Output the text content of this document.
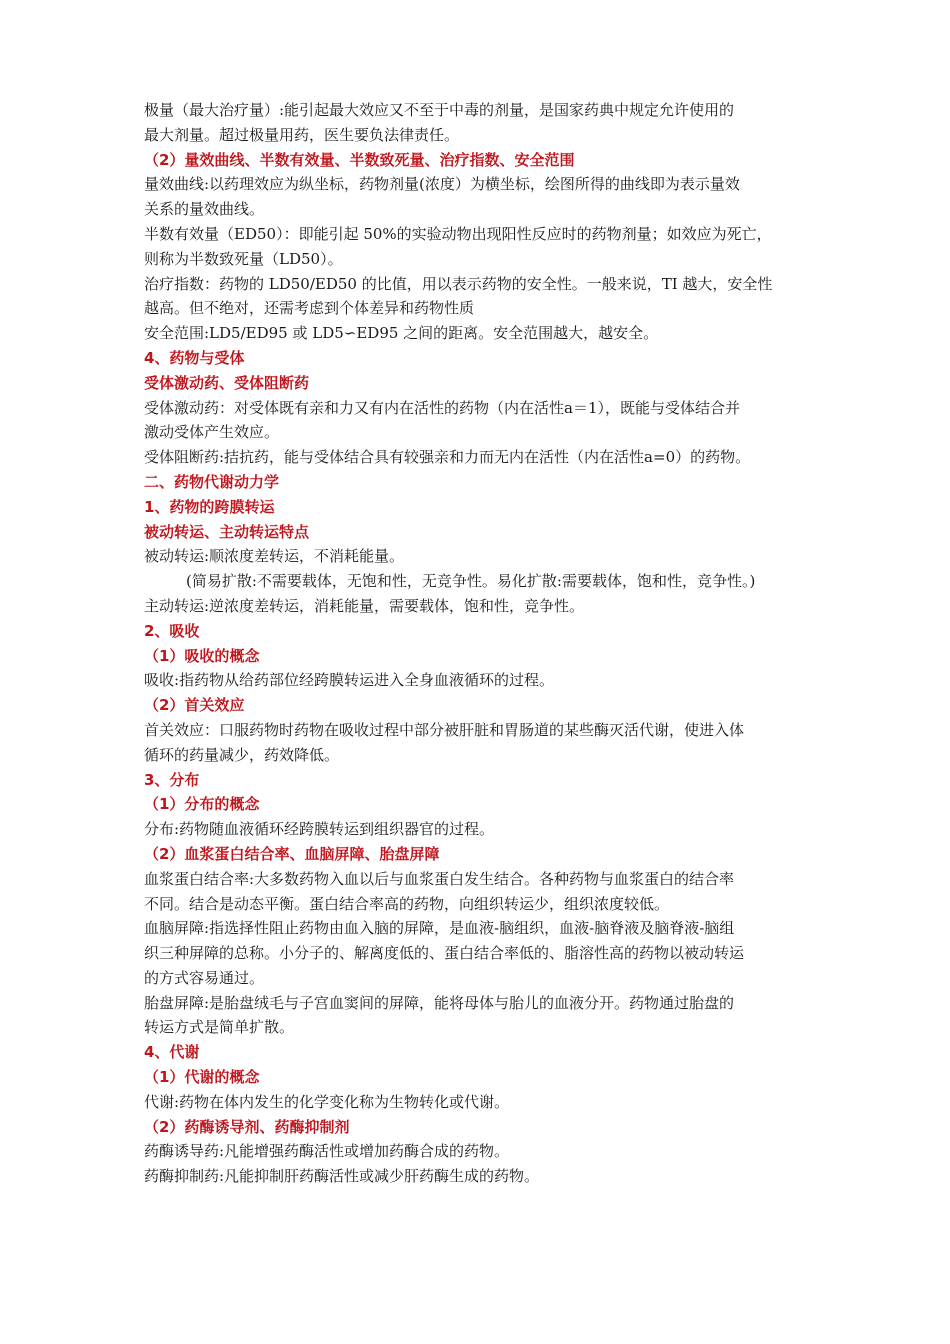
极量（最大治疗量）:能引起最大效应又不至于中毒的剂量，是国家药典中规定允许使用的
最大剂量。超过极量用药，医生要负法律责任。
（2）量效曲线、半数有效量、半数致死量、治疗指数、安全范围
量效曲线:以药理效应为纵坐标，药物剂量(浓度）为横坐标，绘图所得的曲线即为表示量效
关系的量效曲线。
半数有效量（ED50）：即能引起 50%的实验动物出现阳性反应时的药物剂量；如效应为死亡，
则称为半数致死量（LD50）。
治疗指数：药物的 LD50/ED50 的比值，用以表示药物的安全性。一般来说，TI 越大，安全性
越高。但不绝对，还需考虑到个体差异和药物性质
安全范围:LD5/ED95 或 LD5∽ED95 之间的距离。安全范围越大，越安全。
4、药物与受体
受体激动药、受体阻断药
受体激动药：对受体既有亲和力又有内在活性的药物（内在活性a＝1），既能与受体结合并
激动受体产生效应。
受体阻断药:拮抗药，能与受体结合具有较强亲和力而无内在活性（内在活性a=0）的药物。
二、药物代谢动力学
1、药物的跨膜转运
被动转运、主动转运特点
被动转运:顺浓度差转运，不消耗能量。
(简易扩散:不需要载体，无饱和性，无竞争性。易化扩散:需要载体，饱和性，竞争性。)
主动转运:逆浓度差转运，消耗能量，需要载体，饱和性，竞争性。
2、吸收
（1）吸收的概念
吸收:指药物从给药部位经跨膜转运进入全身血液循环的过程。
（2）首关效应
首关效应：口服药物时药物在吸收过程中部分被肝脏和胃肠道的某些酶灭活代谢，使进入体
循环的药量减少，药效降低。
3、分布
（1）分布的概念
分布:药物随血液循环经跨膜转运到组织器官的过程。
（2）血浆蛋白结合率、血脑屏障、胎盘屏障
血浆蛋白结合率:大多数药物入血以后与血浆蛋白发生结合。各种药物与血浆蛋白的结合率
不同。结合是动态平衡。蛋白结合率高的药物，向组织转运少，组织浓度较低。
血脑屏障:指选择性阻止药物由血入脑的屏障，是血液-脑组织，血液-脑脊液及脑脊液-脑组
织三种屏障的总称。小分子的、解离度低的、蛋白结合率低的、脂溶性高的药物以被动转运
的方式容易通过。
胎盘屏障:是胎盘绒毛与子宫血窦间的屏障，能将母体与胎儿的血液分开。药物通过胎盘的
转运方式是简单扩散。
4、代谢
（1）代谢的概念
代谢:药物在体内发生的化学变化称为生物转化或代谢。
（2）药酶诱导剂、药酶抑制剂
药酶诱导药:凡能增强药酶活性或增加药酶合成的药物。
药酶抑制药:凡能抑制肝药酶活性或减少肝药酶生成的药物。
